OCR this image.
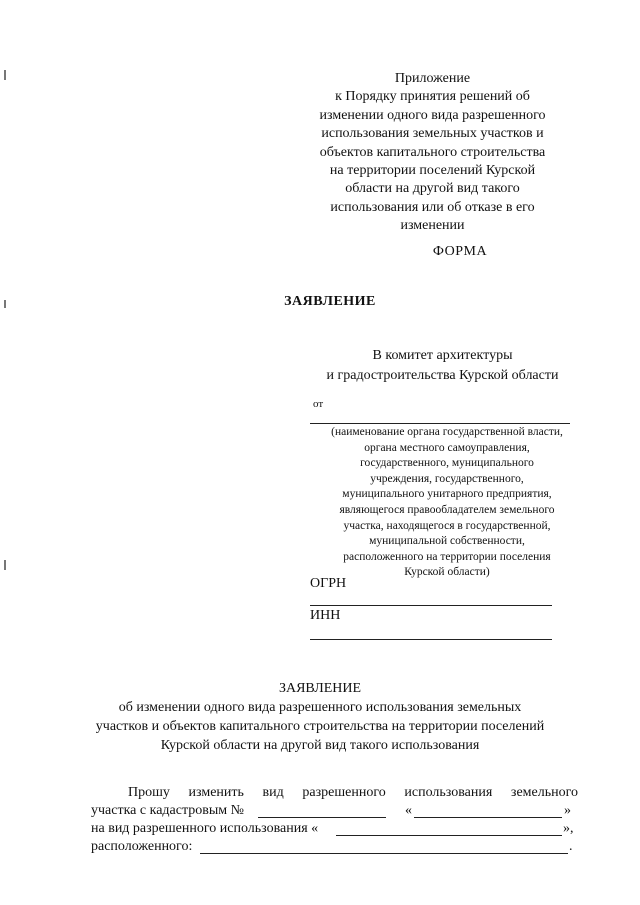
Приложение
к Порядку принятия решений об
изменении одного вида разрешенного
использования земельных участков и
объектов капитального строительства
на территории поселений Курской
области на другой вид такого
использования или об отказе в его
изменении
ФОРМА
ЗАЯВЛЕНИЕ
В комитет архитектуры
и градостроительства Курской области
от
(наименование органа государственной власти,
органа местного самоуправления,
государственного, муниципального
учреждения, государственного,
муниципального унитарного предприятия,
являющегося правообладателем земельного
участка, находящегося в государственной,
муниципальной собственности,
расположенного на территории поселения
Курской области)
ОГРН
ИНН
ЗАЯВЛЕНИЕ
об изменении одного вида разрешенного использования земельных
участков и объектов капитального строительства на территории поселений
Курской области на другой вид такого использования
Прошу изменить вид разрешенного использования земельного
участка с кадастровым №	«	»
на вид разрешенного использования «	»,
расположенного:	.
